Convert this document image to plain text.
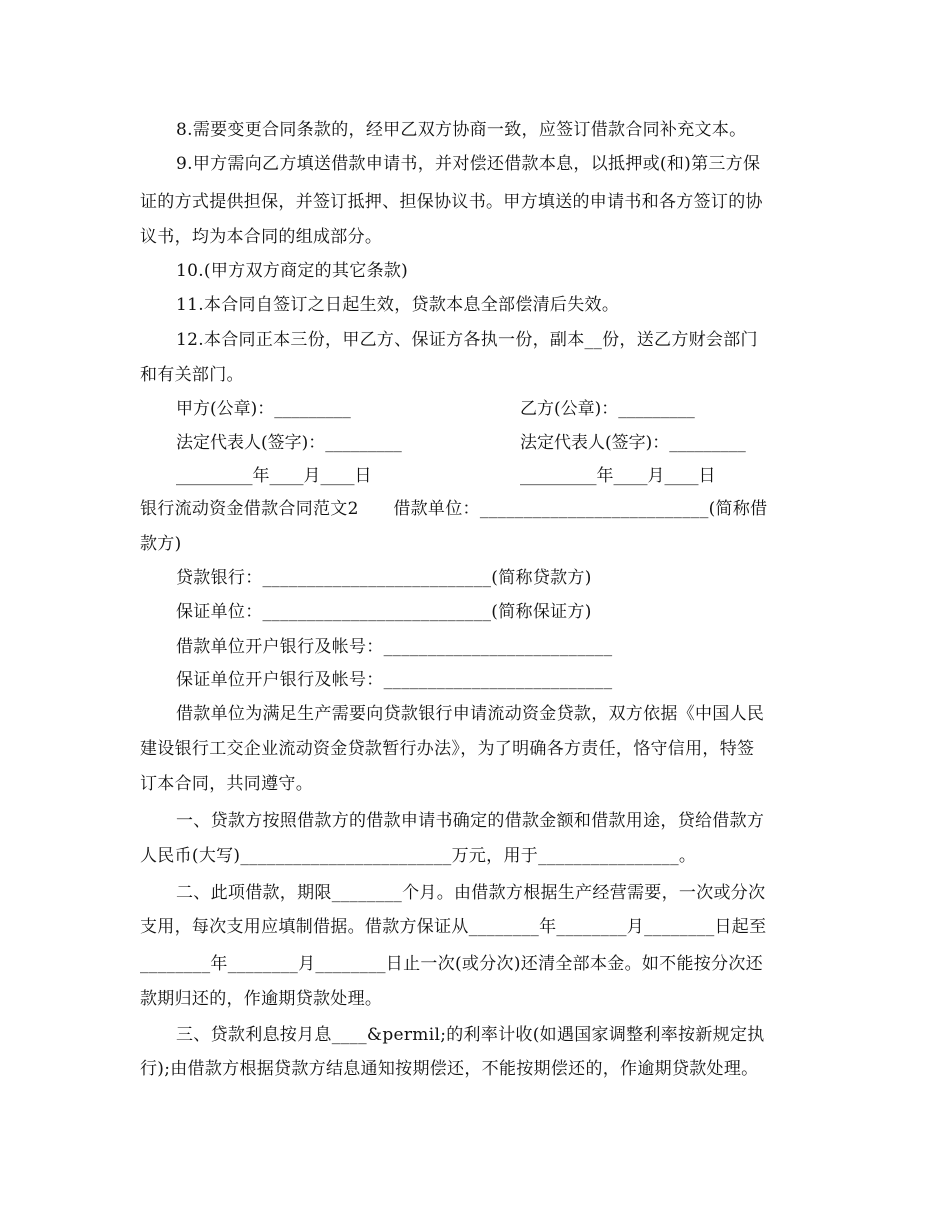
8.需要变更合同条款的，经甲乙双方协商一致，应签订借款合同补充文本。
9.甲方需向乙方填送借款申请书，并对偿还借款本息，以抵押或(和)第三方保
证的方式提供担保，并签订抵押、担保协议书。甲方填送的申请书和各方签订的协
议书，均为本合同的组成部分。
10.(甲方双方商定的其它条款)
11.本合同自签订之日起生效，贷款本息全部偿清后失效。
12.本合同正本三份，甲乙方、保证方各执一份，副本__份，送乙方财会部门
和有关部门。
甲方(公章)：_________	乙方(公章)：_________
法定代表人(签字)：_________	法定代表人(签字)：_________
_________年____月____日	_________年____月____日
银行流动资金借款合同范文2　　借款单位：__________________________(简称借
款方)
贷款银行：__________________________(简称贷款方)
保证单位：__________________________(简称保证方)
借款单位开户银行及帐号：__________________________
保证单位开户银行及帐号：__________________________
借款单位为满足生产需要向贷款银行申请流动资金贷款，双方依据《中国人民
建设银行工交企业流动资金贷款暂行办法》，为了明确各方责任，恪守信用，特签
订本合同，共同遵守。
一、贷款方按照借款方的借款申请书确定的借款金额和借款用途，贷给借款方
人民币(大写)________________________万元，用于________________。
二、此项借款，期限________个月。由借款方根据生产经营需要，一次或分次
支用，每次支用应填制借据。借款方保证从________年________月________日起至
________年________月________日止一次(或分次)还清全部本金。如不能按分次还
款期归还的，作逾期贷款处理。
三、贷款利息按月息____&permil;的利率计收(如遇国家调整利率按新规定执
行);由借款方根据贷款方结息通知按期偿还，不能按期偿还的，作逾期贷款处理。
